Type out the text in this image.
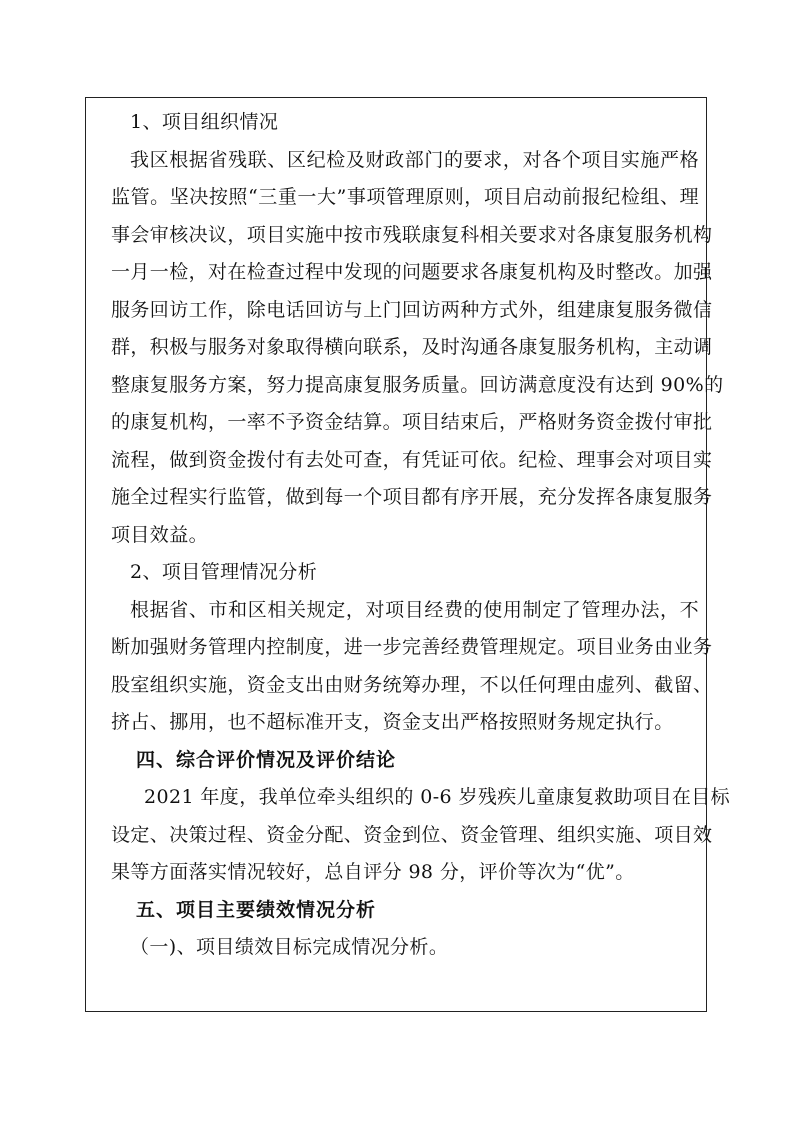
1、项目组织情况
我区根据省残联、区纪检及财政部门的要求，对各个项目实施严格
监管。坚决按照“三重一大”事项管理原则，项目启动前报纪检组、理
事会审核决议，项目实施中按市残联康复科相关要求对各康复服务机构
一月一检，对在检查过程中发现的问题要求各康复机构及时整改。加强
服务回访工作，除电话回访与上门回访两种方式外，组建康复服务微信
群，积极与服务对象取得横向联系，及时沟通各康复服务机构，主动调
整康复服务方案，努力提高康复服务质量。回访满意度没有达到 90%的
的康复机构，一率不予资金结算。项目结束后，严格财务资金拨付审批
流程，做到资金拨付有去处可查，有凭证可依。纪检、理事会对项目实
施全过程实行监管，做到每一个项目都有序开展，充分发挥各康复服务
项目效益。
2、项目管理情况分析
根据省、市和区相关规定，对项目经费的使用制定了管理办法，不
断加强财务管理内控制度，进一步完善经费管理规定。项目业务由业务
股室组织实施，资金支出由财务统筹办理，不以任何理由虚列、截留、
挤占、挪用，也不超标准开支，资金支出严格按照财务规定执行。
四、综合评价情况及评价结论
2021 年度，我单位牵头组织的 0-6 岁残疾儿童康复救助项目在目标
设定、决策过程、资金分配、资金到位、资金管理、组织实施、项目效
果等方面落实情况较好，总自评分 98 分，评价等次为“优”。
五、项目主要绩效情况分析
（一)、项目绩效目标完成情况分析。
